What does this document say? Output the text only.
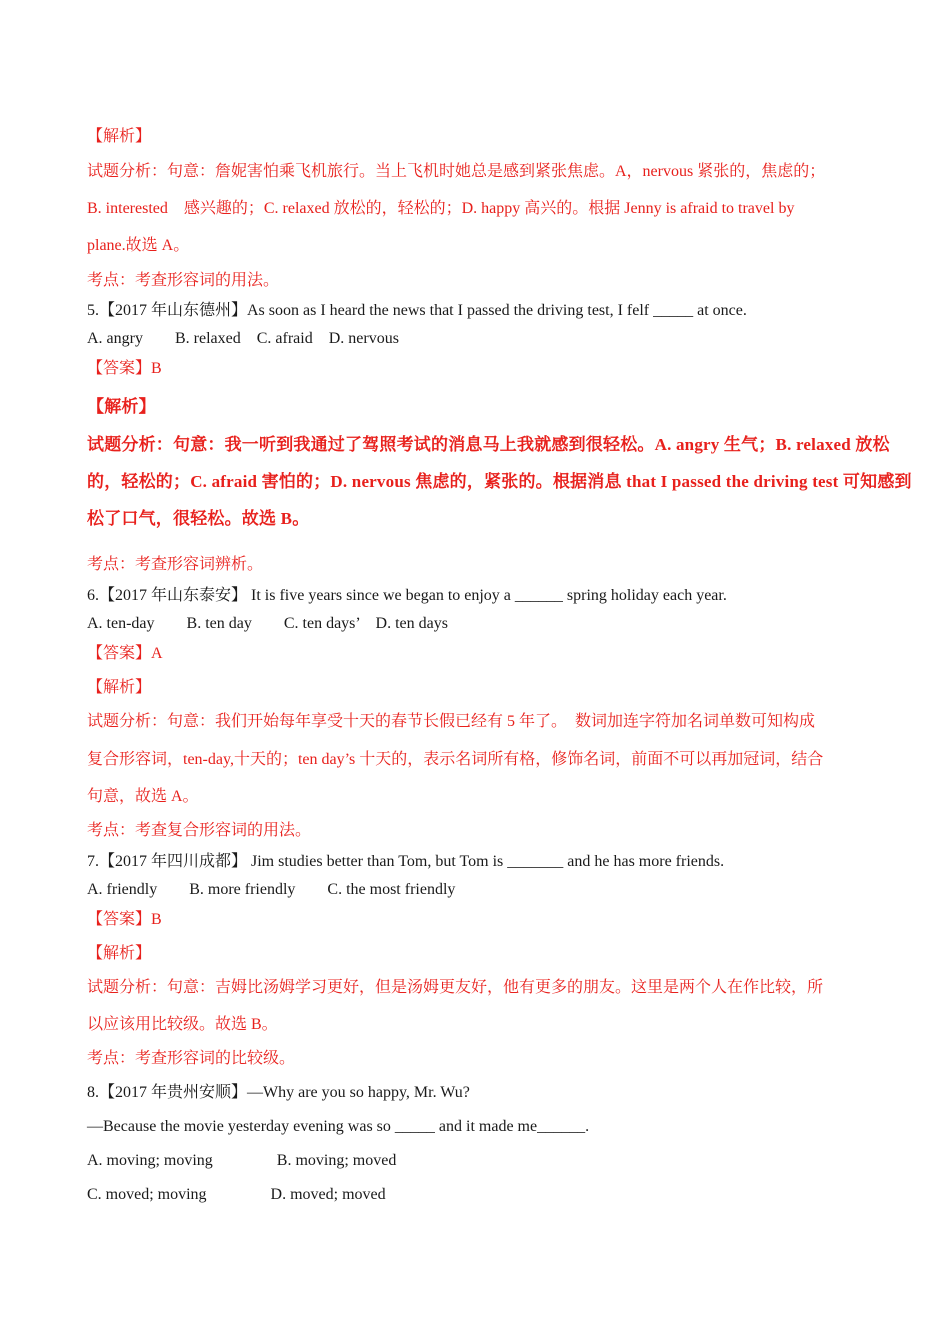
【解析】
试题分析：句意：詹妮害怕乘飞机旅行。当上飞机时她总是感到紧张焦虑。A，nervous 紧张的，焦虑的；
B. interested　感兴趣的；C. relaxed 放松的，轻松的；D. happy 高兴的。根据 Jenny is afraid to travel by
plane.故选 A。
考点：考查形容词的用法。
5.【2017 年山东德州】As soon as I heard the news that I passed the driving test, I felf _____ at once.
A. angry　　B. relaxed　C. afraid　D. nervous
【答案】B
【解析】
试题分析：句意：我一听到我通过了驾照考试的消息马上我就感到很轻松。A. angry 生气；B. relaxed 放松
的，轻松的；C. afraid 害怕的；D. nervous 焦虑的，紧张的。根据消息 that I passed the driving test 可知感到
松了口气，很轻松。故选 B。
考点：考查形容词辨析。
6.【2017 年山东泰安】 It is five years since we began to enjoy a ______ spring holiday each year.
A. ten-day　　B. ten day　　C. ten days’　D. ten days
【答案】A
【解析】
试题分析：句意：我们开始每年享受十天的春节长假已经有 5 年了。　数词加连字符加名词单数可知构成
复合形容词，ten-day,十天的；ten day’s 十天的，表示名词所有格，修饰名词，前面不可以再加冠词，结合
句意，故选 A。
考点：考查复合形容词的用法。
7.【2017 年四川成都】 Jim studies better than Tom, but Tom is _______ and he has more friends.
A. friendly　　B. more friendly　　C. the most friendly
【答案】B
【解析】
试题分析：句意：吉姆比汤姆学习更好，但是汤姆更友好，他有更多的朋友。这里是两个人在作比较，所
以应该用比较级。故选 B。
考点：考查形容词的比较级。
8.【2017 年贵州安顺】—Why are you so happy, Mr. Wu?
—Because the movie yesterday evening was so _____ and it made me______.
A. moving; moving　　　　B. moving; moved
C. moved; moving　　　　D. moved; moved
